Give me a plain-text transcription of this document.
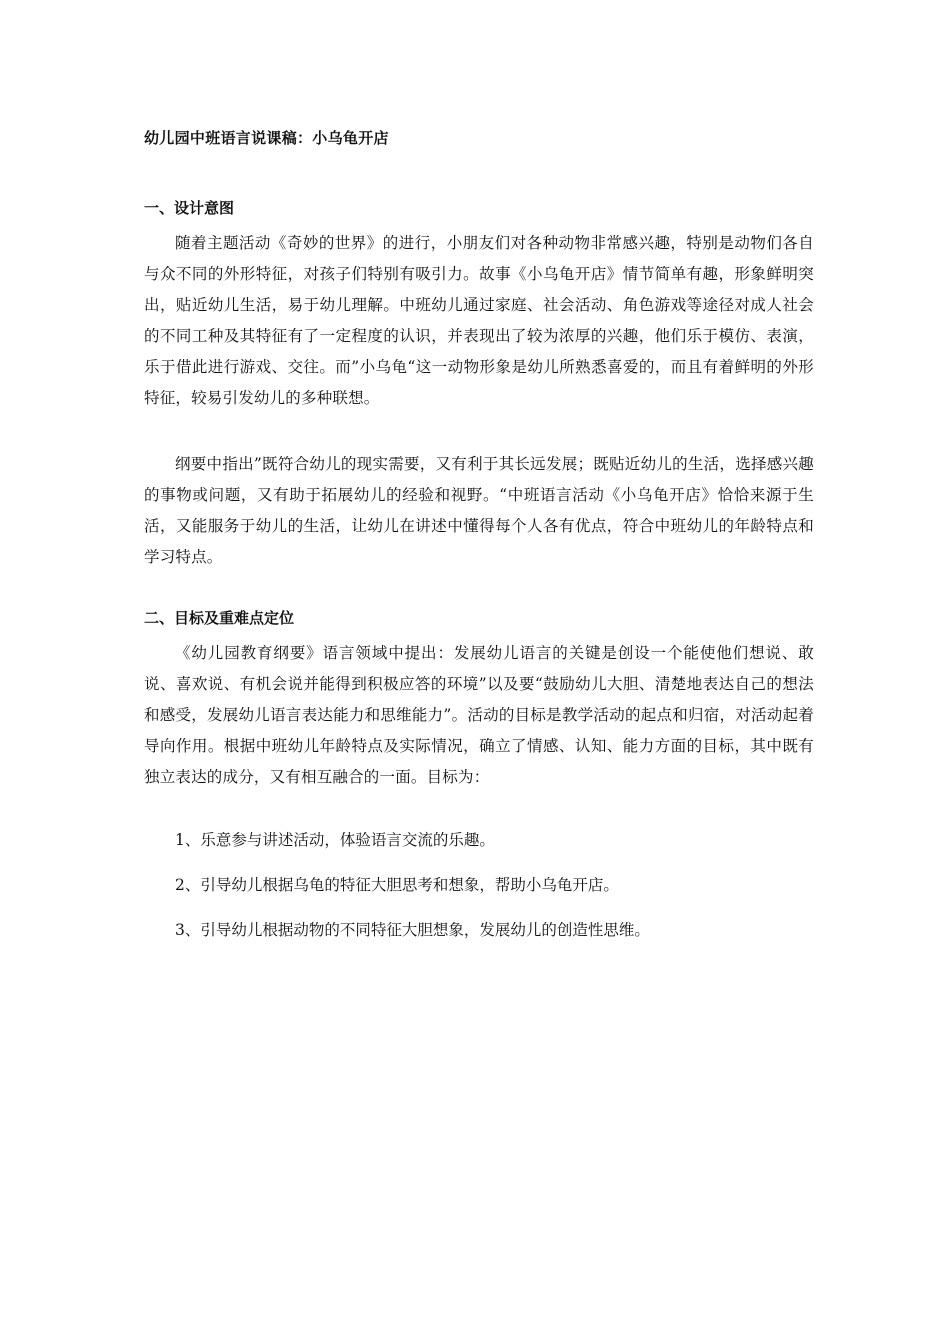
幼儿园中班语言说课稿：小乌龟开店
一、设计意图

随着主题活动《奇妙的世界》的进行，小朋友们对各种动物非常感兴趣，特别是动物们各自与众不同的外形特征，对孩子们特别有吸引力。故事《小乌龟开店》情节简单有趣，形象鲜明突出，贴近幼儿生活，易于幼儿理解。中班幼儿通过家庭、社会活动、角色游戏等途径对成人社会的不同工种及其特征有了一定程度的认识，并表现出了较为浓厚的兴趣，他们乐于模仿、表演，乐于借此进行游戏、交往。而”小乌龟“这一动物形象是幼儿所熟悉喜爱的，而且有着鲜明的外形特征，较易引发幼儿的多种联想。

纲要中指出”既符合幼儿的现实需要，又有利于其长远发展；既贴近幼儿的生活，选择感兴趣的事物或问题，又有助于拓展幼儿的经验和视野。“中班语言活动《小乌龟开店》恰恰来源于生活，又能服务于幼儿的生活，让幼儿在讲述中懂得每个人各有优点，符合中班幼儿的年龄特点和学习特点。

二、目标及重难点定位

《幼儿园教育纲要》语言领域中提出：发展幼儿语言的关键是创设一个能使他们想说、敢说、喜欢说、有机会说并能得到积极应答的环境”以及要“鼓励幼儿大胆、清楚地表达自己的想法和感受，发展幼儿语言表达能力和思维能力”。活动的目标是教学活动的起点和归宿，对活动起着导向作用。根据中班幼儿年龄特点及实际情况，确立了情感、认知、能力方面的目标，其中既有独立表达的成分，又有相互融合的一面。目标为：

1、乐意参与讲述活动，体验语言交流的乐趣。
2、引导幼儿根据乌龟的特征大胆思考和想象，帮助小乌龟开店。
3、引导幼儿根据动物的不同特征大胆想象，发展幼儿的创造性思维。
